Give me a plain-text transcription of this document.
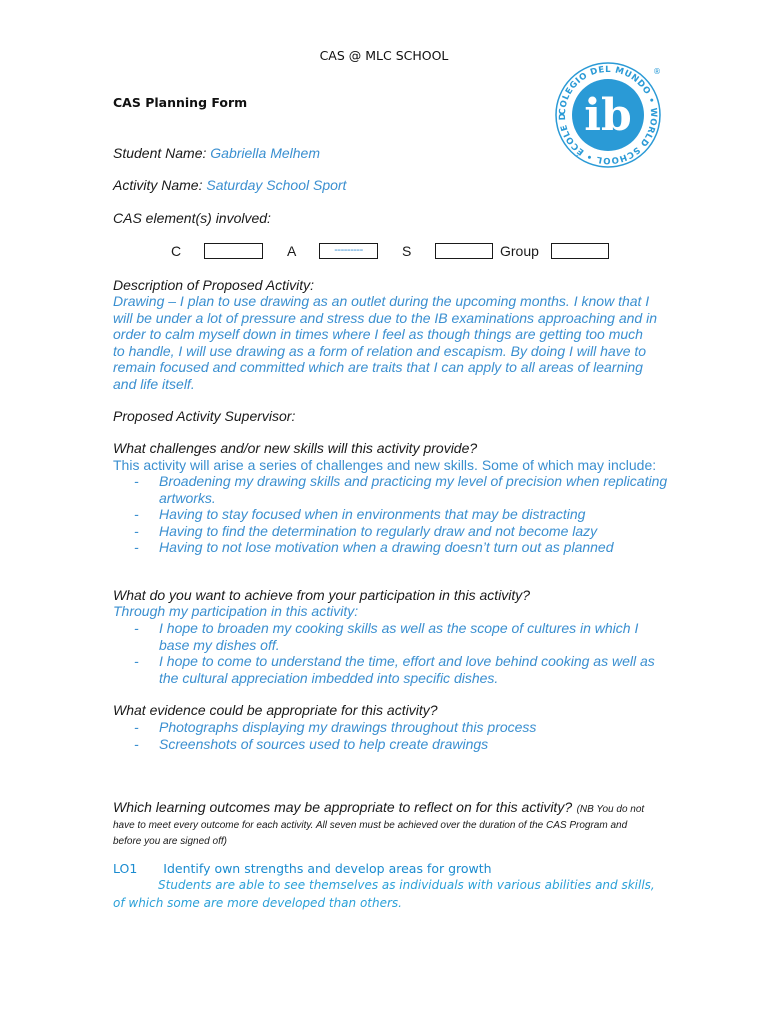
CAS @ MLC SCHOOL
CAS Planning Form
COLEGIO DEL MUNDO • WORLD SCHOOL • ÉCOLE D ib
®
Student Name: Gabriella Melhem
Activity Name: Saturday School Sport
CAS element(s) involved:
C	A	---------	S	Group
Description of Proposed Activity:
Drawing – I plan to use drawing as an outlet during the upcoming months. I know that I will be under a lot of pressure and stress due to the IB examinations approaching and in order to calm myself down in times where I feel as though things are getting too much to handle, I will use drawing as a form of relation and escapism. By doing I will have to remain focused and committed which are traits that I can apply to all areas of learning and life itself.
Proposed Activity Supervisor:
What challenges and/or new skills will this activity provide?
This activity will arise a series of challenges and new skills. Some of which may include:
- Broadening my drawing skills and practicing my level of precision when replicating artworks.
- Having to stay focused when in environments that may be distracting
- Having to find the determination to regularly draw and not become lazy
- Having to not lose motivation when a drawing doesn’t turn out as planned
What do you want to achieve from your participation in this activity?
Through my participation in this activity:
- I hope to broaden my cooking skills as well as the scope of cultures in which I base my dishes off.
- I hope to come to understand the time, effort and love behind cooking as well as the cultural appreciation imbedded into specific dishes.
What evidence could be appropriate for this activity?
- Photographs displaying my drawings throughout this process
- Screenshots of sources used to help create drawings
Which learning outcomes may be appropriate to reflect on for this activity? (NB You do not have to meet every outcome for each activity. All seven must be achieved over the duration of the CAS Program and before you are signed off)
LO1 Identify own strengths and develop areas for growth
Students are able to see themselves as individuals with various abilities and skills, of which some are more developed than others.
